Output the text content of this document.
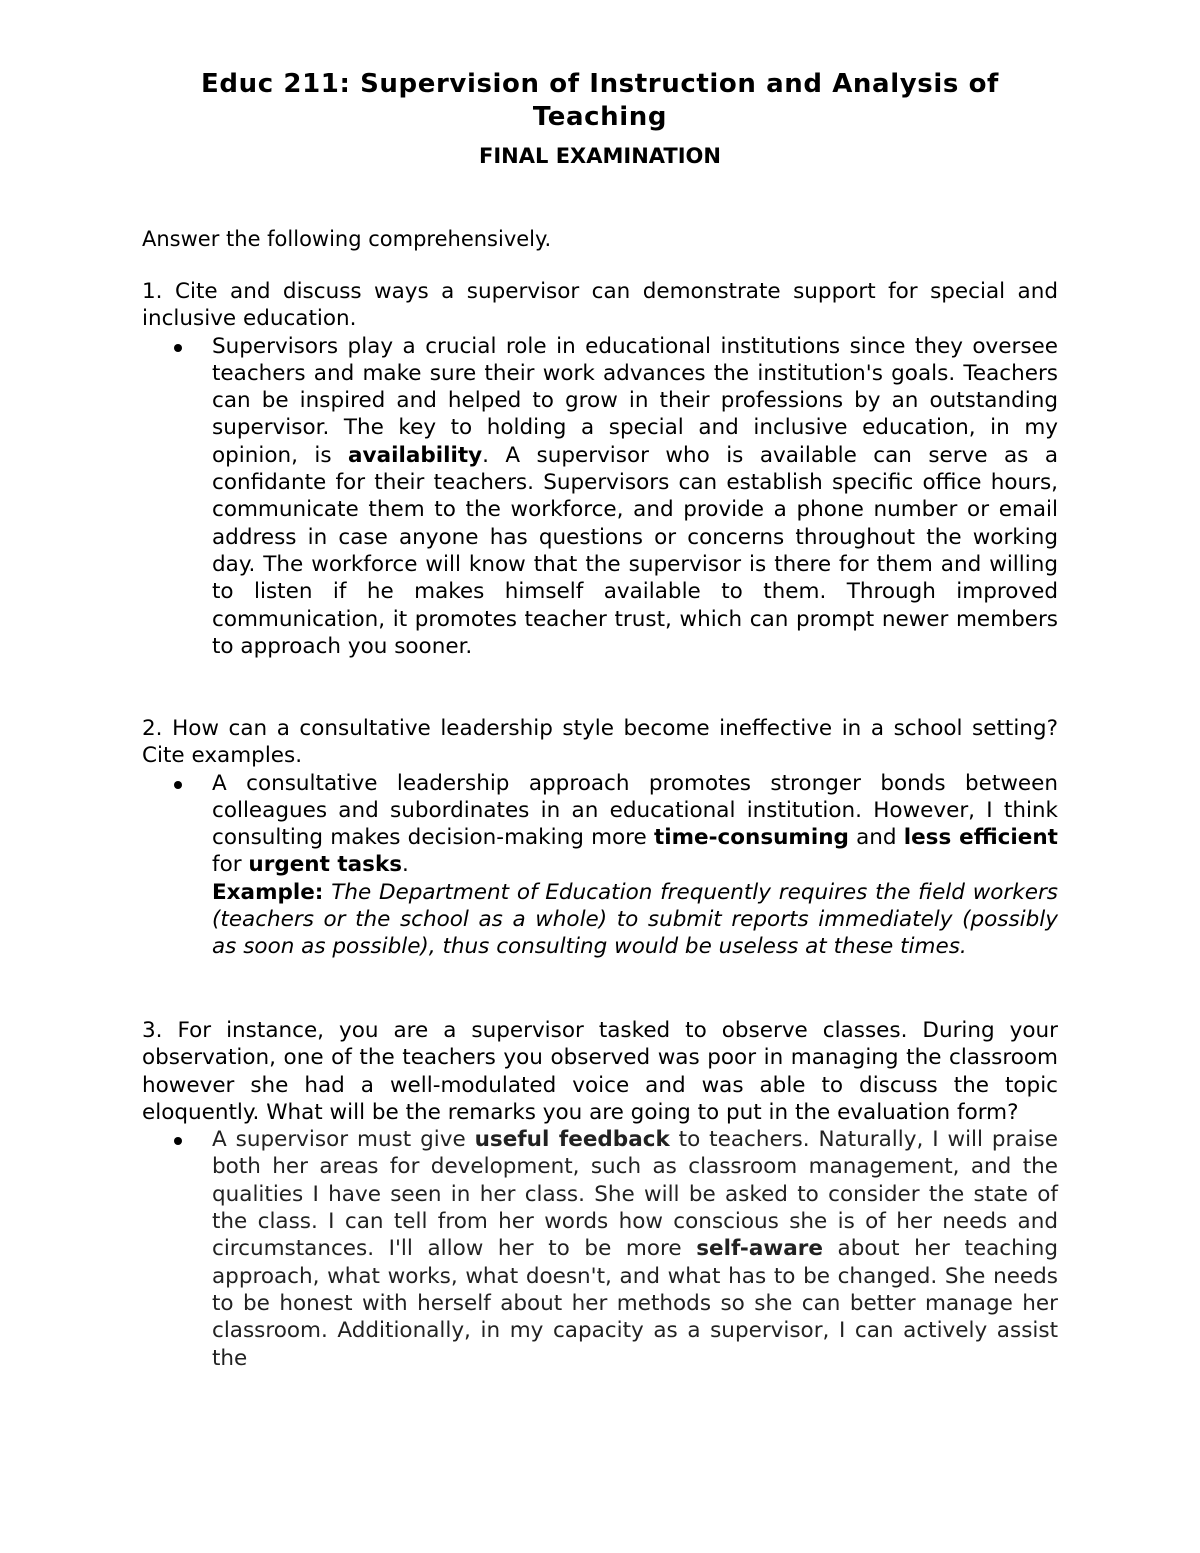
Educ 211: Supervision of Instruction and Analysis of Teaching
FINAL EXAMINATION
Answer the following comprehensively.
1. Cite and discuss ways a supervisor can demonstrate support for special and inclusive education.
Supervisors play a crucial role in educational institutions since they oversee teachers and make sure their work advances the institution's goals. Teachers can be inspired and helped to grow in their professions by an outstanding supervisor. The key to holding a special and inclusive education, in my opinion, is availability. A supervisor who is available can serve as a confidante for their teachers. Supervisors can establish specific office hours, communicate them to the workforce, and provide a phone number or email address in case anyone has questions or concerns throughout the working day. The workforce will know that the supervisor is there for them and willing to listen if he makes himself available to them. Through improved communication, it promotes teacher trust, which can prompt newer members to approach you sooner.
2. How can a consultative leadership style become ineffective in a school setting? Cite examples.
A consultative leadership approach promotes stronger bonds between colleagues and subordinates in an educational institution. However, I think consulting makes decision-making more time-consuming and less efficient for urgent tasks.
Example: The Department of Education frequently requires the field workers (teachers or the school as a whole) to submit reports immediately (possibly as soon as possible), thus consulting would be useless at these times.
3. For instance, you are a supervisor tasked to observe classes. During your observation, one of the teachers you observed was poor in managing the classroom however she had a well-modulated voice and was able to discuss the topic eloquently. What will be the remarks you are going to put in the evaluation form?
A supervisor must give useful feedback to teachers. Naturally, I will praise both her areas for development, such as classroom management, and the qualities I have seen in her class. She will be asked to consider the state of the class. I can tell from her words how conscious she is of her needs and circumstances. I'll allow her to be more self-aware about her teaching approach, what works, what doesn't, and what has to be changed. She needs to be honest with herself about her methods so she can better manage her classroom. Additionally, in my capacity as a supervisor, I can actively assist the
